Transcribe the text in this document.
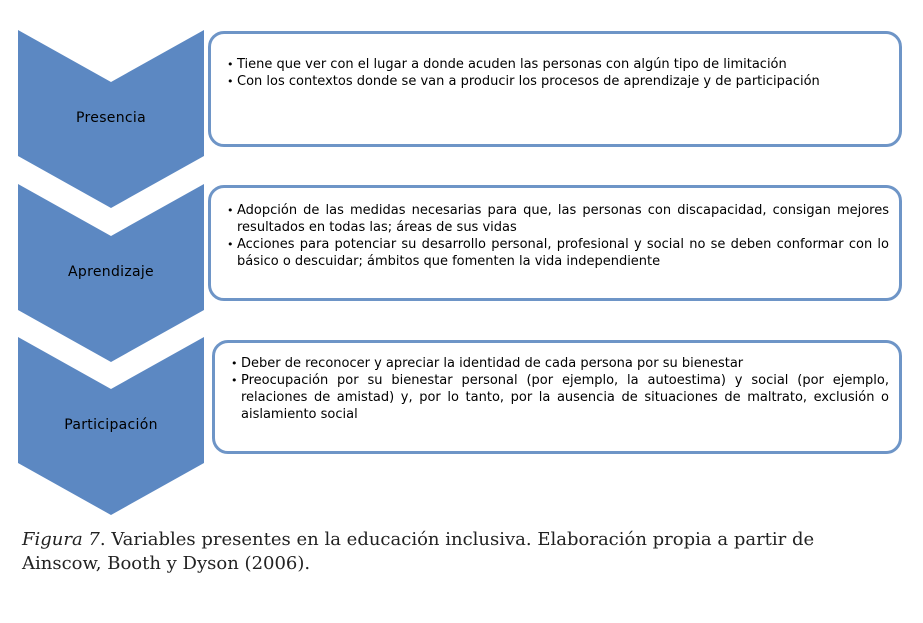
Presencia
Aprendizaje
Participación
• Tiene que ver con el lugar a donde acuden las personas con algún tipo de limitación
• Con los contextos donde se van a producir los procesos de aprendizaje y de participación
• Adopción de las medidas necesarias para que, las personas con discapacidad, consigan mejores resultados en todas las; áreas de sus vidas
• Acciones para potenciar su desarrollo personal, profesional y social no se deben conformar con lo básico o descuidar; ámbitos que fomenten la vida independiente
• Deber de reconocer y apreciar la identidad de cada persona por su bienestar
• Preocupación por su bienestar personal (por ejemplo, la autoestima) y social (por ejemplo, relaciones de amistad) y, por lo tanto, por la ausencia de situaciones de maltrato, exclusión o aislamiento social
Figura 7. Variables presentes en la educación inclusiva. Elaboración propia a partir de Ainscow, Booth y Dyson (2006).
